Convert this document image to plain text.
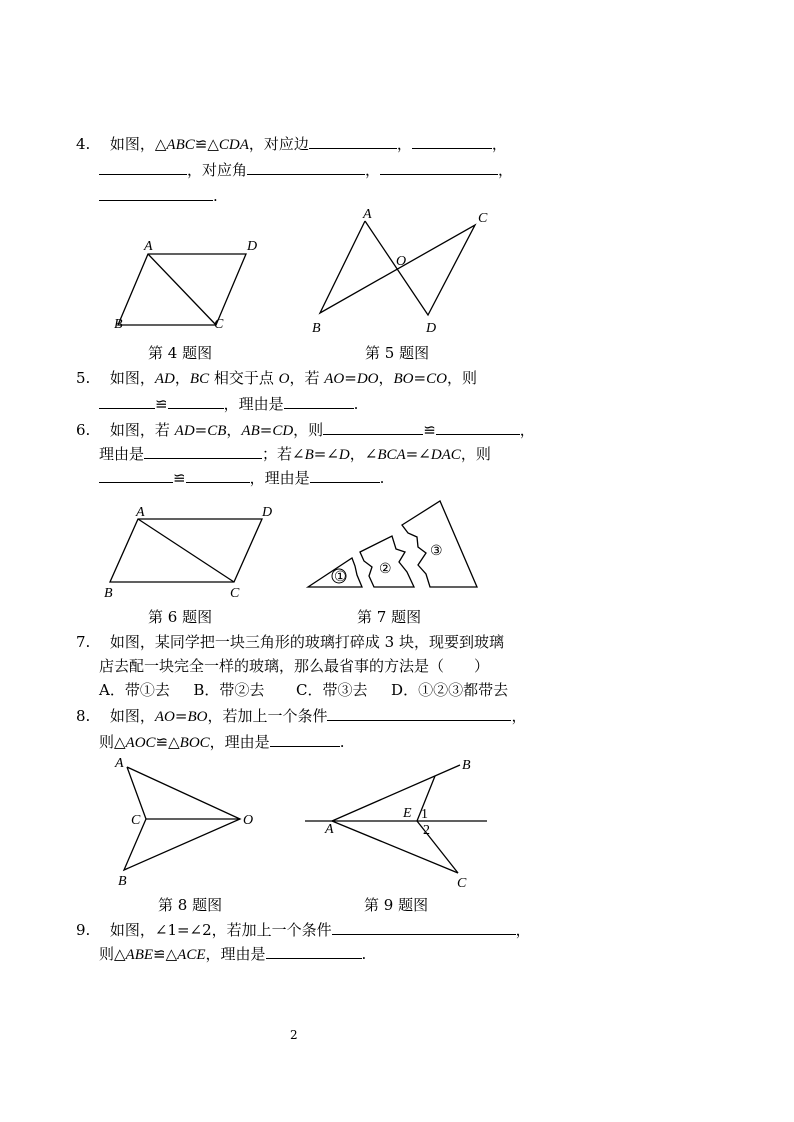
4. 如图，△ABC≌△CDA，对应边	，	，
，对应角	，	，
.
A	D
B	C
第 4 题图
A	C
O
B	D
第 5 题图
5. 如图，AD，BC 相交于点 O，若 AO=DO，BO=CO，则
≌	，理由是	.
6. 如图，若 AD=CB，AB=CD，则	≌	，
理由是	；若∠B=∠D，∠BCA=∠DAC，则
≌	，理由是	.
A	D
B	C
第 6 题图
①
②
③
第 7 题图
7. 如图，某同学把一块三角形的玻璃打碎成 3 块，现要到玻璃
店去配一块完全一样的玻璃，那么最省事的方法是（　　）
A．带①去 B．带②去 C．带③去 D．①②③都带去
8. 如图，AO=BO，若加上一个条件	，
则△AOC≌△BOC，理由是	.
A
C	O
B
第 8 题图
B
E 1
2
A
C
第 9 题图
9. 如图，∠1=∠2，若加上一个条件	，
则△ABE≌△ACE，理由是	.
2
